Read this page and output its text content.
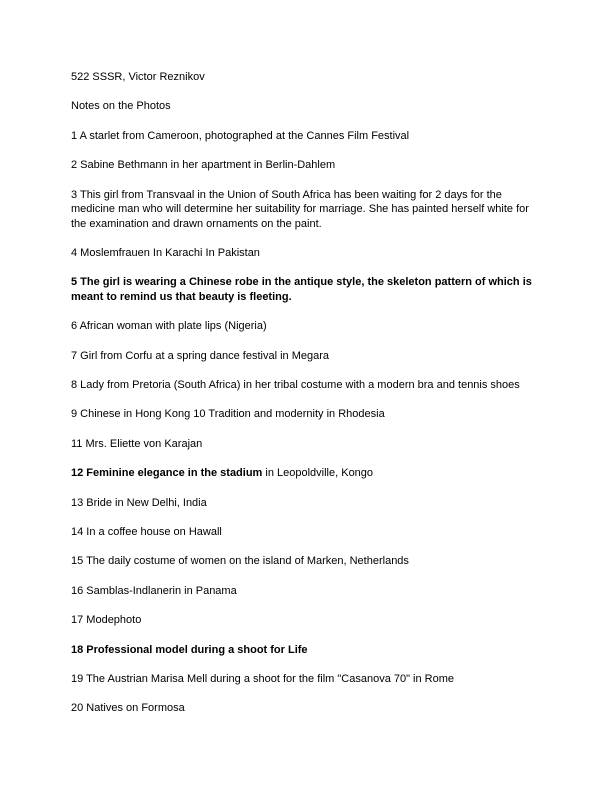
522 SSSR, Victor Reznikov

Notes on the Photos

1 A starlet from Cameroon, photographed at the Cannes Film Festival

2 Sabine Bethmann in her apartment in Berlin-Dahlem

3 This girl from Transvaal in the Union of South Africa has been waiting for 2 days for the medicine man who will determine her suitability for marriage. She has painted herself white for the examination and drawn ornaments on the paint.

4 Moslemfrauen In Karachi In Pakistan

5 The girl is wearing a Chinese robe in the antique style, the skeleton pattern of which is meant to remind us that beauty is fleeting.

6 African woman with plate lips (Nigeria)

7 Girl from Corfu at a spring dance festival in Megara

8 Lady from Pretoria (South Africa) in her tribal costume with a modern bra and tennis shoes

9 Chinese in Hong Kong 10 Tradition and modernity in Rhodesia

11 Mrs. Eliette von Karajan

12 Feminine elegance in the stadium in Leopoldville, Kongo

13 Bride in New Delhi, India

14 In a coffee house on Hawall

15 The daily costume of women on the island of Marken, Netherlands

16 Samblas-Indlanerin in Panama

17 Modephoto

18 Professional model during a shoot for Life

19 The Austrian Marisa Mell during a shoot for the film "Casanova 70" in Rome

20 Natives on Formosa
